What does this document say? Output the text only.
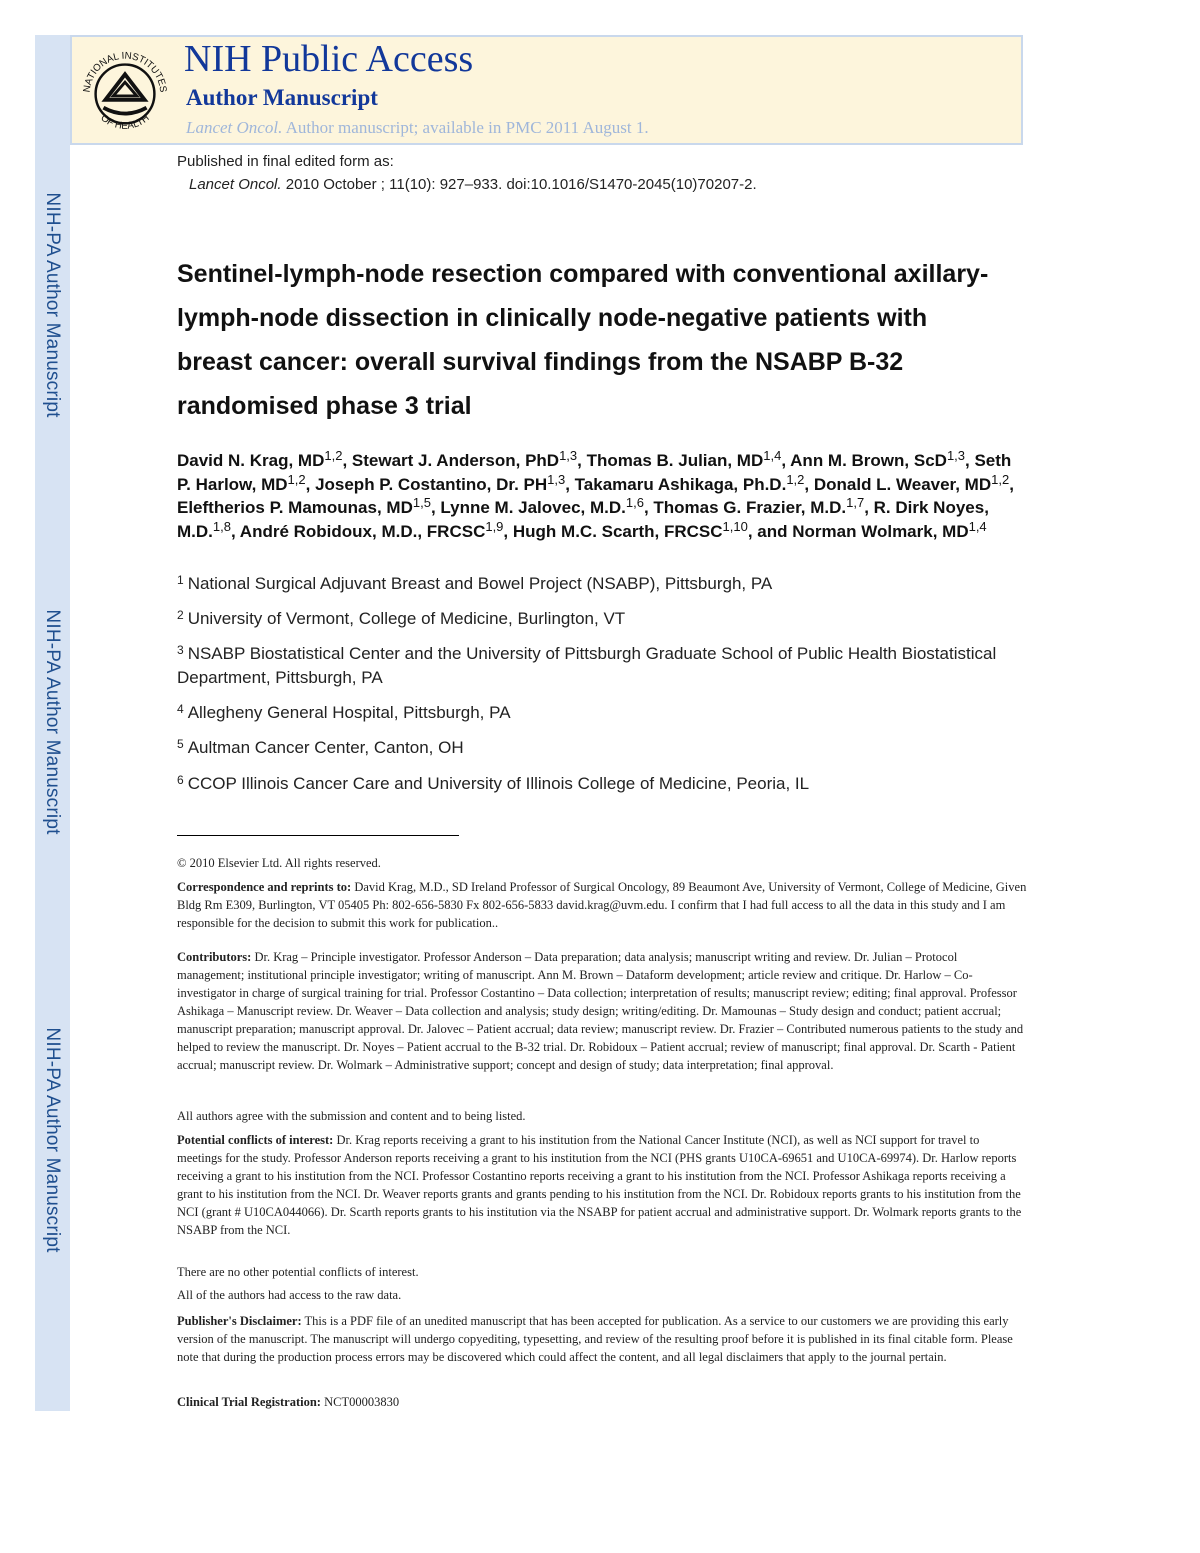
NIH-PA Author Manuscript
NIH-PA Author Manuscript
NIH-PA Author Manuscript
NATIONAL INSTITUTES
OF HEALTH
NIH Public Access
Author Manuscript
Lancet Oncol. Author manuscript; available in PMC 2011 August 1.
Published in final edited form as:
Lancet Oncol. 2010 October ; 11(10): 927–933. doi:10.1016/S1470-2045(10)70207-2.
Sentinel-lymph-node resection compared with conventional axillary-lymph-node dissection in clinically node-negative patients with breast cancer: overall survival findings from the NSABP B-32 randomised phase 3 trial
David N. Krag, MD$^{1,2}$, Stewart J. Anderson, PhD$^{1,3}$, Thomas B. Julian, MD$^{1,4}$, Ann M. Brown, ScD$^{1,3}$, Seth P. Harlow, MD$^{1,2}$, Joseph P. Costantino, Dr. PH$^{1,3}$, Takamaru Ashikaga, Ph.D.$^{1,2}$, Donald L. Weaver, MD$^{1,2}$, Eleftherios P. Mamounas, MD$^{1,5}$, Lynne M. Jalovec, M.D.$^{1,6}$, Thomas G. Frazier, M.D.$^{1,7}$, R. Dirk Noyes, M.D.$^{1,8}$, André Robidoux, M.D., FRCSC$^{1,9}$, Hugh M.C. Scarth, FRCSC$^{1,10}$, and Norman Wolmark, MD$^{1,4}$
$^1$ National Surgical Adjuvant Breast and Bowel Project (NSABP), Pittsburgh, PA
$^2$ University of Vermont, College of Medicine, Burlington, VT
$^3$ NSABP Biostatistical Center and the University of Pittsburgh Graduate School of Public Health Biostatistical Department, Pittsburgh, PA
$^4$ Allegheny General Hospital, Pittsburgh, PA
$^5$ Aultman Cancer Center, Canton, OH
$^6$ CCOP Illinois Cancer Care and University of Illinois College of Medicine, Peoria, IL
© 2010 Elsevier Ltd. All rights reserved.
Correspondence and reprints to: David Krag, M.D., SD Ireland Professor of Surgical Oncology, 89 Beaumont Ave, University of Vermont, College of Medicine, Given Bldg Rm E309, Burlington, VT 05405 Ph: 802-656-5830 Fx 802-656-5833 david.krag@uvm.edu. I confirm that I had full access to all the data in this study and I am responsible for the decision to submit this work for publication..
Contributors: Dr. Krag – Principle investigator. Professor Anderson – Data preparation; data analysis; manuscript writing and review. Dr. Julian – Protocol management; institutional principle investigator; writing of manuscript. Ann M. Brown – Dataform development; article review and critique. Dr. Harlow – Co-investigator in charge of surgical training for trial. Professor Costantino – Data collection; interpretation of results; manuscript review; editing; final approval. Professor Ashikaga – Manuscript review. Dr. Weaver – Data collection and analysis; study design; writing/editing. Dr. Mamounas – Study design and conduct; patient accrual; manuscript preparation; manuscript approval. Dr. Jalovec – Patient accrual; data review; manuscript review. Dr. Frazier – Contributed numerous patients to the study and helped to review the manuscript. Dr. Noyes – Patient accrual to the B-32 trial. Dr. Robidoux – Patient accrual; review of manuscript; final approval. Dr. Scarth - Patient accrual; manuscript review. Dr. Wolmark – Administrative support; concept and design of study; data interpretation; final approval.
All authors agree with the submission and content and to being listed.
Potential conflicts of interest: Dr. Krag reports receiving a grant to his institution from the National Cancer Institute (NCI), as well as NCI support for travel to meetings for the study. Professor Anderson reports receiving a grant to his institution from the NCI (PHS grants U10CA-69651 and U10CA-69974). Dr. Harlow reports receiving a grant to his institution from the NCI. Professor Costantino reports receiving a grant to his institution from the NCI. Professor Ashikaga reports receiving a grant to his institution from the NCI. Dr. Weaver reports grants and grants pending to his institution from the NCI. Dr. Robidoux reports grants to his institution from the NCI (grant # U10CA044066). Dr. Scarth reports grants to his institution via the NSABP for patient accrual and administrative support. Dr. Wolmark reports grants to the NSABP from the NCI.
There are no other potential conflicts of interest.
All of the authors had access to the raw data.
Publisher's Disclaimer: This is a PDF file of an unedited manuscript that has been accepted for publication. As a service to our customers we are providing this early version of the manuscript. The manuscript will undergo copyediting, typesetting, and review of the resulting proof before it is published in its final citable form. Please note that during the production process errors may be discovered which could affect the content, and all legal disclaimers that apply to the journal pertain.
Clinical Trial Registration: NCT00003830
